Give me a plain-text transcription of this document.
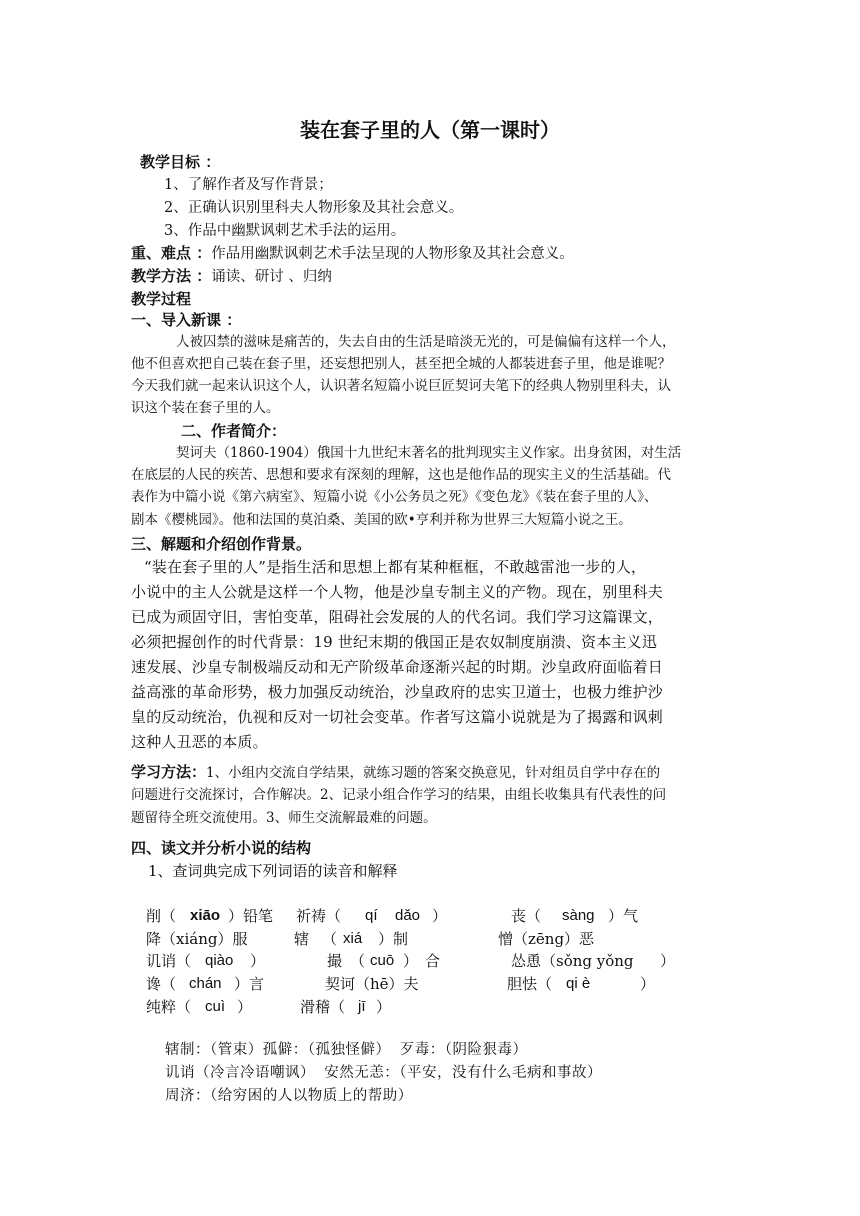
装在套子里的人（第一课时）
教学目标 ：
1、了解作者及写作背景；
2、正确认识别里科夫人物形象及其社会意义。
3、作品中幽默讽刺艺术手法的运用。
重、难点 ：作品用幽默讽刺艺术手法呈现的人物形象及其社会意义。
教学方法 ：诵读、研讨 、归纳
教学过程
一、导入新课 ：
人被囚禁的滋味是痛苦的，失去自由的生活是暗淡无光的，可是偏偏有这样一个人，
他不但喜欢把自己装在套子里，还妄想把别人，甚至把全城的人都装进套子里，他是谁呢？
今天我们就一起来认识这个人，认识著名短篇小说巨匠契诃夫笔下的经典人物别里科夫，认
识这个装在套子里的人。
二、作者简介：
契诃夫（1860-1904）俄国十九世纪末著名的批判现实主义作家。出身贫困，对生活
在底层的人民的疾苦、思想和要求有深刻的理解，这也是他作品的现实主义的生活基础。代
表作为中篇小说《第六病室》、短篇小说《小公务员之死》《变色龙》《装在套子里的人》、
剧本《樱桃园》。他和法国的莫泊桑、美国的欧•亨利并称为世界三大短篇小说之王。
三、解题和介绍创作背景。
“装在套子里的人”是指生活和思想上都有某种框框，不敢越雷池一步的人，
小说中的主人公就是这样一个人物，他是沙皇专制主义的产物。现在，别里科夫
已成为顽固守旧，害怕变革，阻碍社会发展的人的代名词。我们学习这篇课文，
必须把握创作的时代背景：19 世纪末期的俄国正是农奴制度崩溃、资本主义迅
速发展、沙皇专制极端反动和无产阶级革命逐渐兴起的时期。沙皇政府面临着日
益高涨的革命形势，极力加强反动统治，沙皇政府的忠实卫道士，也极力维护沙
皇的反动统治，仇视和反对一切社会变革。作者写这篇小说就是为了揭露和讽刺
这种人丑恶的本质。
学习方法：1、小组内交流自学结果，就练习题的答案交换意见，针对组员自学中存在的
问题进行交流探讨，合作解决。2、记录小组合作学习的结果，由组长收集具有代表性的问
题留待全班交流使用。3、师生交流解最难的问题。
四、读文并分析小说的结构
1、查词典完成下列词语的读音和解释
削（ xiāo ）铅笔 祈祷（ qí dǎo ）	丧（ sàng ）气
降（xiáng）服	辖 （ xiá ）制	憎（zēng）恶
讥诮（ qiào ）	撮 （ cuō ） 合	怂恿（sǒng yǒng ）
谗（ chán ）言	契诃（hē）夫	胆怯（ qi è	）
纯粹（ cuì ）	滑稽（ jī ）
辖制：（管束）孤僻：（孤独怪僻） 歹毒：（阴险狠毒）
讥诮（冷言冷语嘲讽） 安然无恙：（平安，没有什么毛病和事故）
周济：（给穷困的人以物质上的帮助）
